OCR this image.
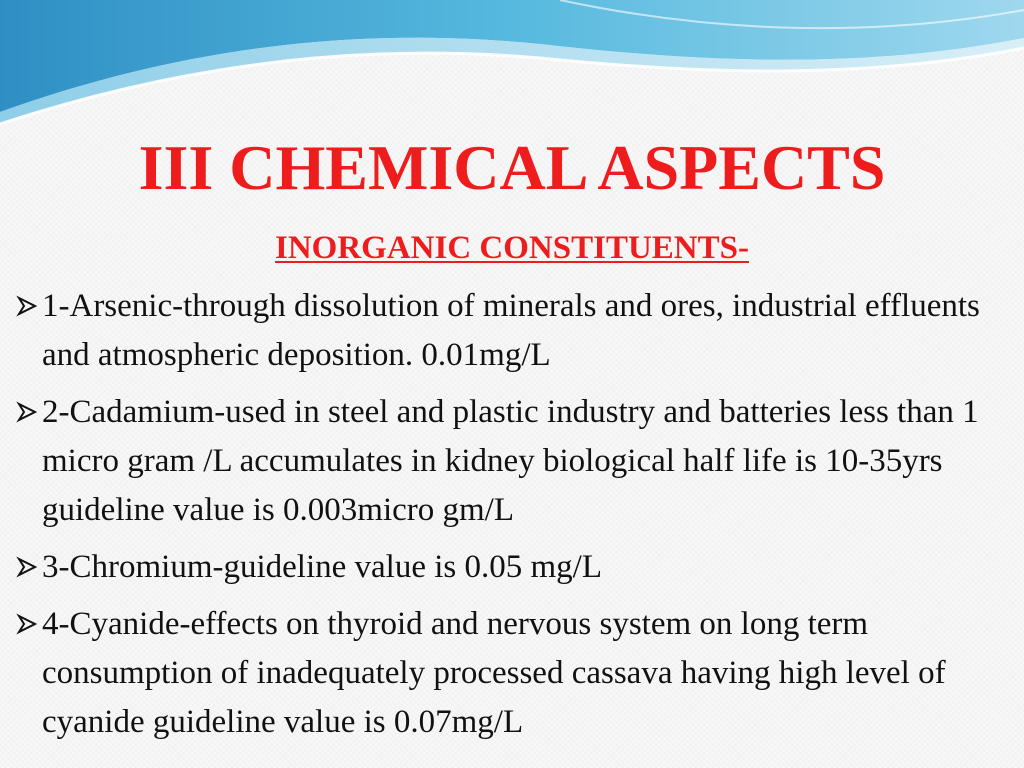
III CHEMICAL ASPECTS
INORGANIC CONSTITUENTS-
1-Arsenic-through dissolution of minerals and ores, industrial effluents and atmospheric deposition. 0.01mg/L
2-Cadamium-used in steel and plastic industry and batteries less than 1 micro gram /L accumulates in kidney biological half life is 10-35yrs guideline value is 0.003micro gm/L
3-Chromium-guideline value is 0.05 mg/L
4-Cyanide-effects on thyroid and nervous system on long term consumption of inadequately processed cassava having high level of cyanide guideline value is 0.07mg/L
